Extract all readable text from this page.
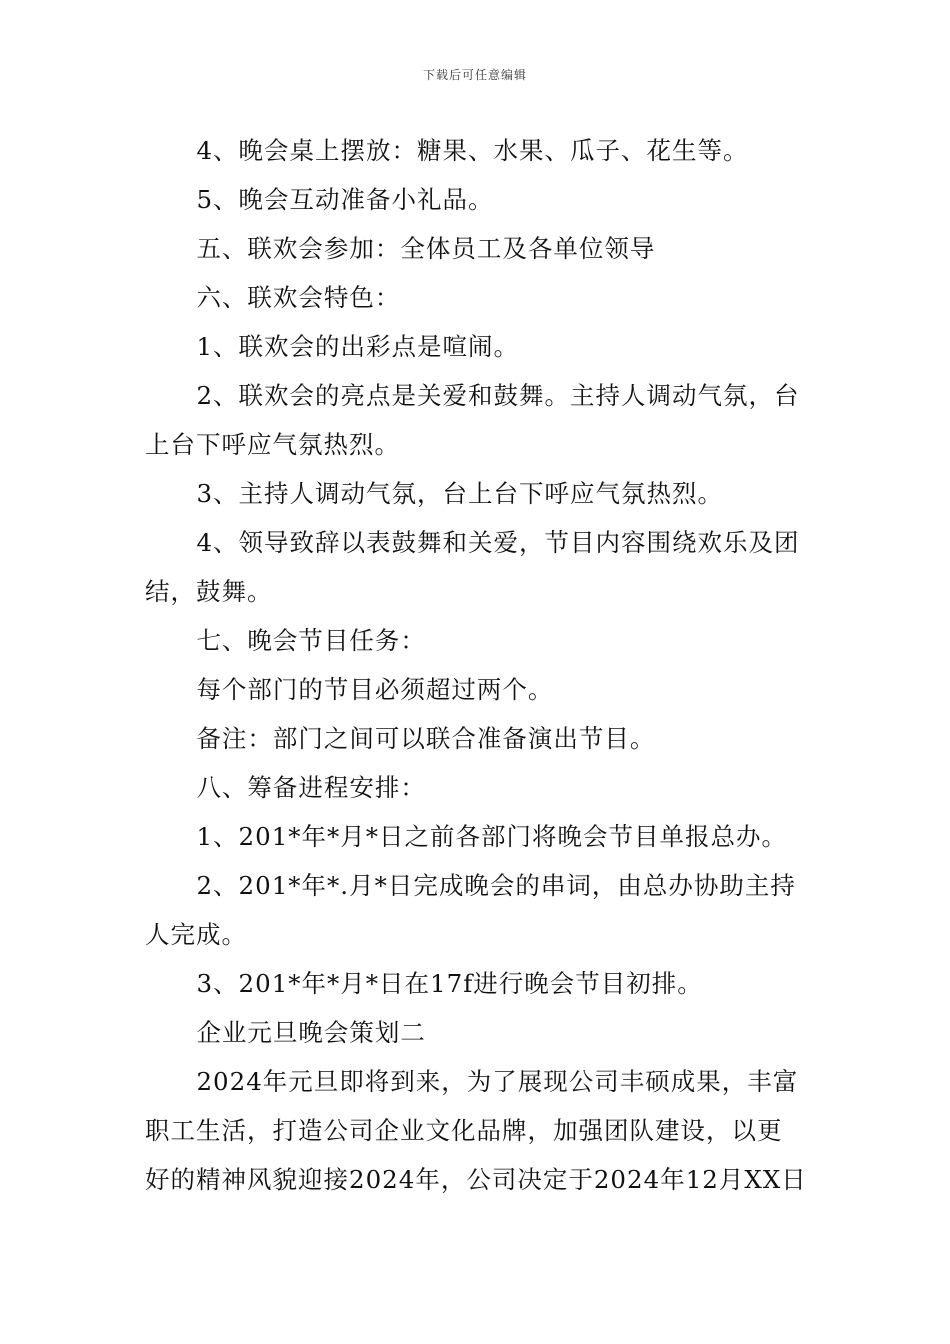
下载后可任意编辑

4、晚会桌上摆放：糖果、水果、瓜子、花生等。

5、晚会互动准备小礼品。

五、联欢会参加：全体员工及各单位领导

六、联欢会特色：

1、联欢会的出彩点是喧闹。

2、联欢会的亮点是关爱和鼓舞。主持人调动气氛，台上台下呼应气氛热烈。

3、主持人调动气氛，台上台下呼应气氛热烈。

4、领导致辞以表鼓舞和关爱，节目内容围绕欢乐及团结，鼓舞。

七、晚会节目任务：

每个部门的节目必须超过两个。

备注：部门之间可以联合准备演出节目。

八、筹备进程安排：

1、201*年*月*日之前各部门将晚会节目单报总办。

2、201*年*.月*日完成晚会的串词，由总办协助主持人完成。

3、201*年*月*日在17f进行晚会节目初排。

企业元旦晚会策划二

2024年元旦即将到来，为了展现公司丰硕成果，丰富职工生活，打造公司企业文化品牌，加强团队建设，以更好的精神风貌迎接2024年，公司决定于2024年12月XX日
